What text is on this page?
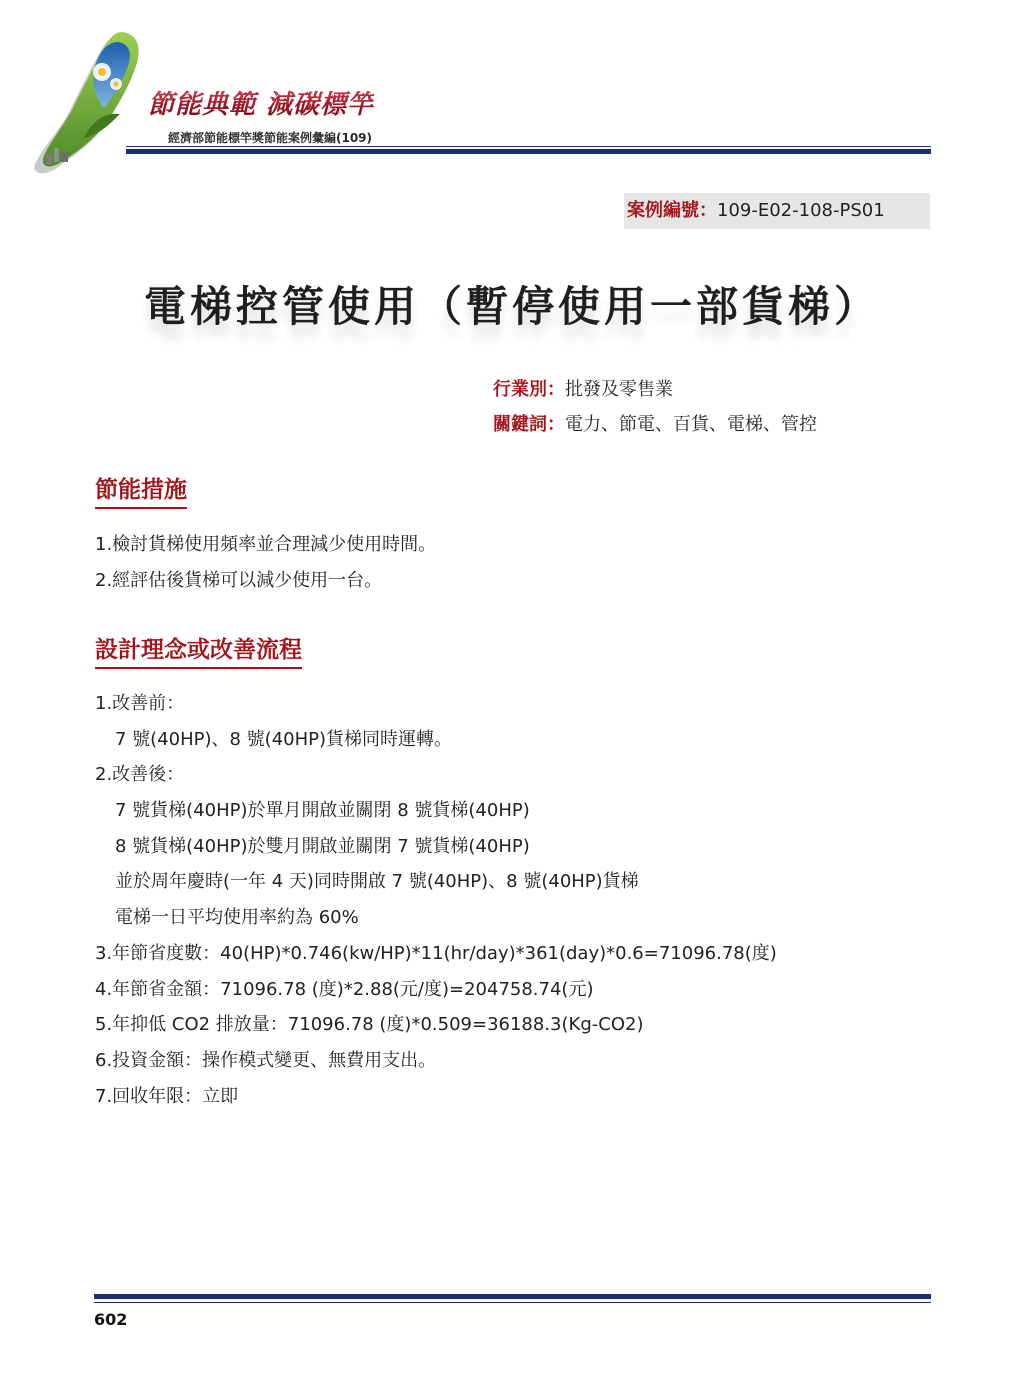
節能典範 減碳標竿
經濟部節能標竿獎節能案例彙編(109)
案例編號：109-E02-108-PS01
電梯控管使用（暫停使用一部貨梯）
行業別：批發及零售業
關鍵詞：電力、節電、百貨、電梯、管控
節能措施

1.檢討貨梯使用頻率並合理減少使用時間。

2.經評估後貨梯可以減少使用一台。

設計理念或改善流程

1.改善前：

7 號(40HP)、8 號(40HP)貨梯同時運轉。

2.改善後：

7 號貨梯(40HP)於單月開啟並關閉 8 號貨梯(40HP)

8 號貨梯(40HP)於雙月開啟並關閉 7 號貨梯(40HP)

並於周年慶時(一年 4 天)同時開啟 7 號(40HP)、8 號(40HP)貨梯

電梯一日平均使用率約為 60%

3.年節省度數：40(HP)*0.746(kw/HP)*11(hr/day)*361(day)*0.6=71096.78(度)

4.年節省金額：71096.78 (度)*2.88(元/度)=204758.74(元)

5.年抑低 CO2 排放量：71096.78 (度)*0.509=36188.3(Kg-CO2)

6.投資金額：操作模式變更、無費用支出。

7.回收年限：立即

602
